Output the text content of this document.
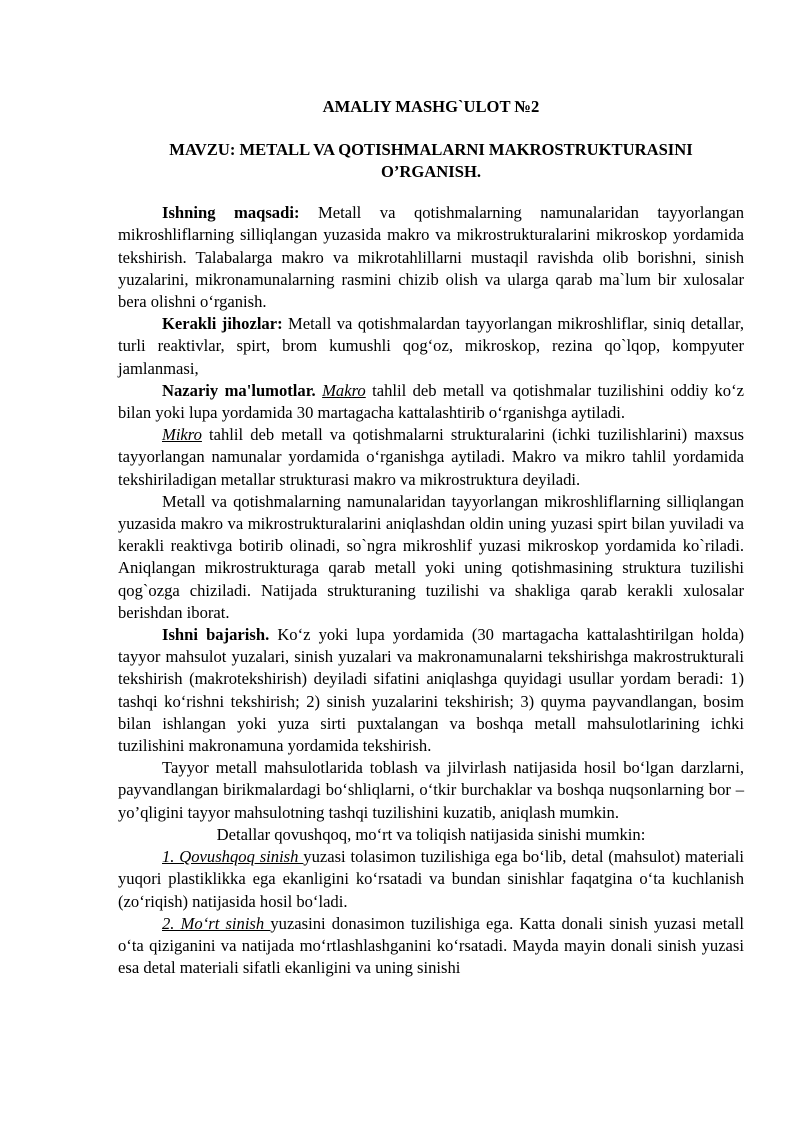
AMALIY MASHG`ULOT №2

MAVZU: METALL VA QOTISHMALARNI MAKROSTRUKTURASINI O’RGANISH.

Ishning maqsadi: Metall va qotishmalarning namunalaridan tayyorlangan mikroshliflarning silliqlangan yuzasida makro va mikrostrukturalarini mikroskop yordamida tekshirish. Talabalarga makro va mikrotahlillarni mustaqil ravishda olib borishni, sinish yuzalarini, mikronamunalarning rasmini chizib olish va ularga qarab ma`lum bir xulosalar bera olishni o‘rganish.

Kerakli jihozlar: Metall va qotishmalardan tayyorlangan mikroshliflar, siniq detallar, turli reaktivlar, spirt, brom kumushli qog‘oz, mikroskop, rezina qo`lqop, kompyuter jamlanmasi,

Nazariy ma'lumotlar. Makro tahlil deb metall va qotishmalar tuzilishini oddiy ko‘z bilan yoki lupa yordamida 30 martagacha kattalashtirib o‘rganishga aytiladi.

Mikro tahlil deb metall va qotishmalarni strukturalarini (ichki tuzilishlarini) maxsus tayyorlangan namunalar yordamida o‘rganishga aytiladi. Makro va mikro tahlil yordamida tekshiriladigan metallar strukturasi makro va mikrostruktura deyiladi.

Metall va qotishmalarning namunalaridan tayyorlangan mikroshliflarning silliqlangan yuzasida makro va mikrostrukturalarini aniqlashdan oldin uning yuzasi spirt bilan yuviladi va kerakli reaktivga botirib olinadi, so`ngra mikroshlif yuzasi mikroskop yordamida ko`riladi. Aniqlangan mikrostrukturaga qarab metall yoki uning qotishmasining struktura tuzilishi qog`ozga chiziladi. Natijada strukturaning tuzilishi va shakliga qarab kerakli xulosalar berishdan iborat.

Ishni bajarish. Ko‘z yoki lupa yordamida (30 martagacha kattalashtirilgan holda) tayyor mahsulot yuzalari, sinish yuzalari va makronamunalarni tekshirishga makrostrukturali tekshirish (makrotekshirish) deyiladi sifatini aniqlashga quyidagi usullar yordam beradi: 1) tashqi ko‘rishni tekshirish; 2) sinish yuzalarini tekshirish; 3) quyma payvandlangan, bosim bilan ishlangan yoki yuza sirti puxtalangan va boshqa metall mahsulotlarining ichki tuzilishini makronamuna yordamida tekshirish.

Tayyor metall mahsulotlarida toblash va jilvirlash natijasida hosil bo‘lgan darzlarni, payvandlangan birikmalardagi bo‘shliqlarni, o‘tkir burchaklar va boshqa nuqsonlarning bor – yo’qligini tayyor mahsulotning tashqi tuzilishini kuzatib, aniqlash mumkin.

Detallar qovushqoq, mo‘rt va toliqish natijasida sinishi mumkin:

1. Qovushqoq sinish yuzasi tolasimon tuzilishiga ega bo‘lib, detal (mahsulot) materiali yuqori plastiklikka ega ekanligini ko‘rsatadi va bundan sinishlar faqatgina o‘ta kuchlanish (zo‘riqish) natijasida hosil bo‘ladi.

2. Mo‘rt sinish yuzasini donasimon tuzilishiga ega. Katta donali sinish yuzasi metall o‘ta qiziganini va natijada mo‘rtlashlashganini ko‘rsatadi. Mayda mayin donali sinish yuzasi esa detal materiali sifatli ekanligini va uning sinishi
